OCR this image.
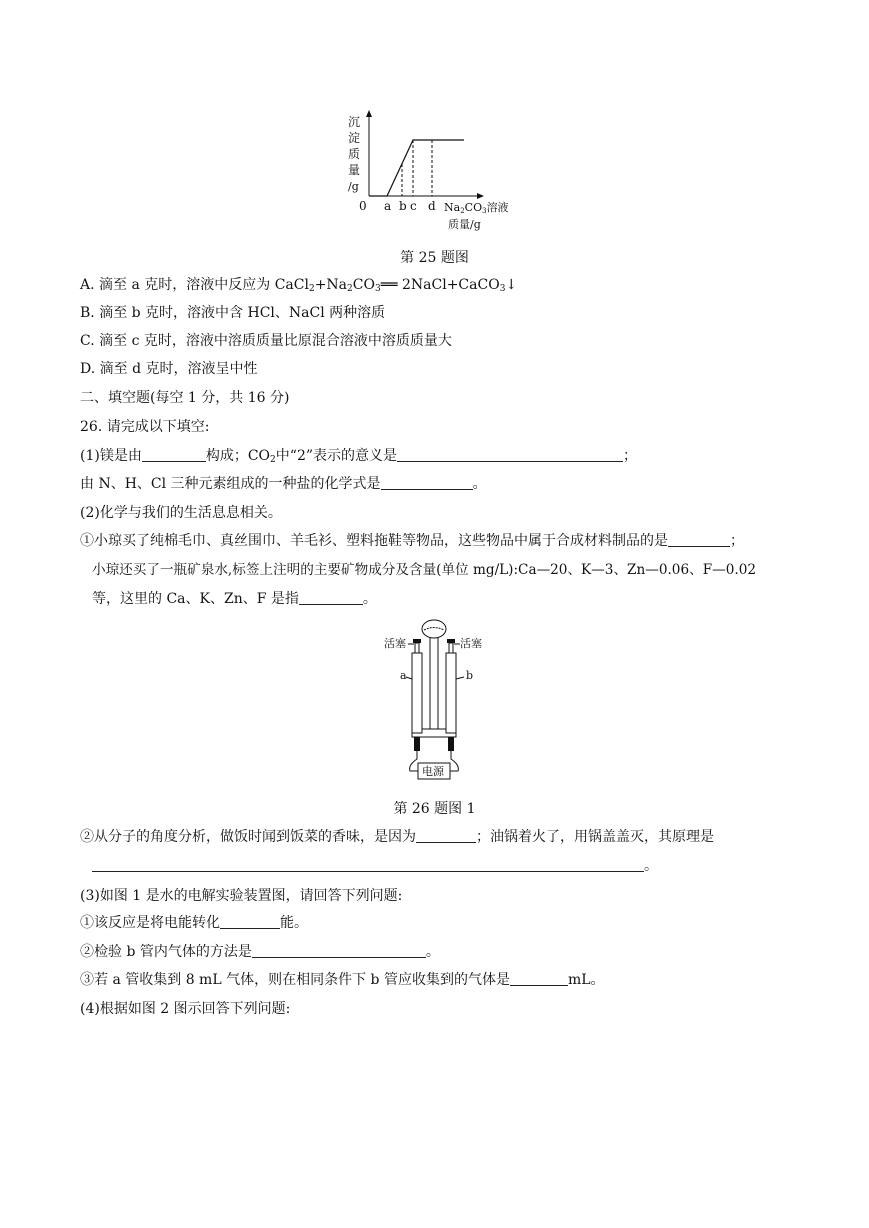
沉
淀
质
量
/g
0 a b c d Na2CO3溶液
质量/g
第 25 题图
A. 滴至 a 克时，溶液中反应为 $CaCl_2+Na_2CO_3══$ 2NaCl+CaCO$_3$↓
B. 滴至 b 克时，溶液中含 HCl、NaCl 两种溶质
C. 滴至 c 克时，溶液中溶质质量比原混合溶液中溶质质量大
D. 滴至 d 克时，溶液呈中性
二、填空题(每空 1 分，共 16 分)
26. 请完成以下填空:
(1)镁是由	构成；$CO_2$中“2”表示的意义是	；
由 N、H、Cl 三种元素组成的一种盐的化学式是	。
(2)化学与我们的生活息息相关。
①小琼买了纯棉毛巾、真丝围巾、羊毛衫、塑料拖鞋等物品，这些物品中属于合成材料制品的是	；
小琼还买了一瓶矿泉水,标签上注明的主要矿物成分及含量(单位 mg/L):Ca—20、K—3、Zn—0.06、F—0.02
等，这里的 Ca、K、Zn、F 是指	。
活塞	活塞
a	b
电源
第 26 题图 1
②从分子的角度分析，做饭时闻到饭菜的香味，是因为	；油锅着火了，用锅盖盖灭，其原理是
。
(3)如图 1 是水的电解实验装置图，请回答下列问题:
①该反应是将电能转化	能。
②检验 b 管内气体的方法是	。
③若 a 管收集到 8 mL 气体，则在相同条件下 b 管应收集到的气体是	mL。
(4)根据如图 2 图示回答下列问题:
